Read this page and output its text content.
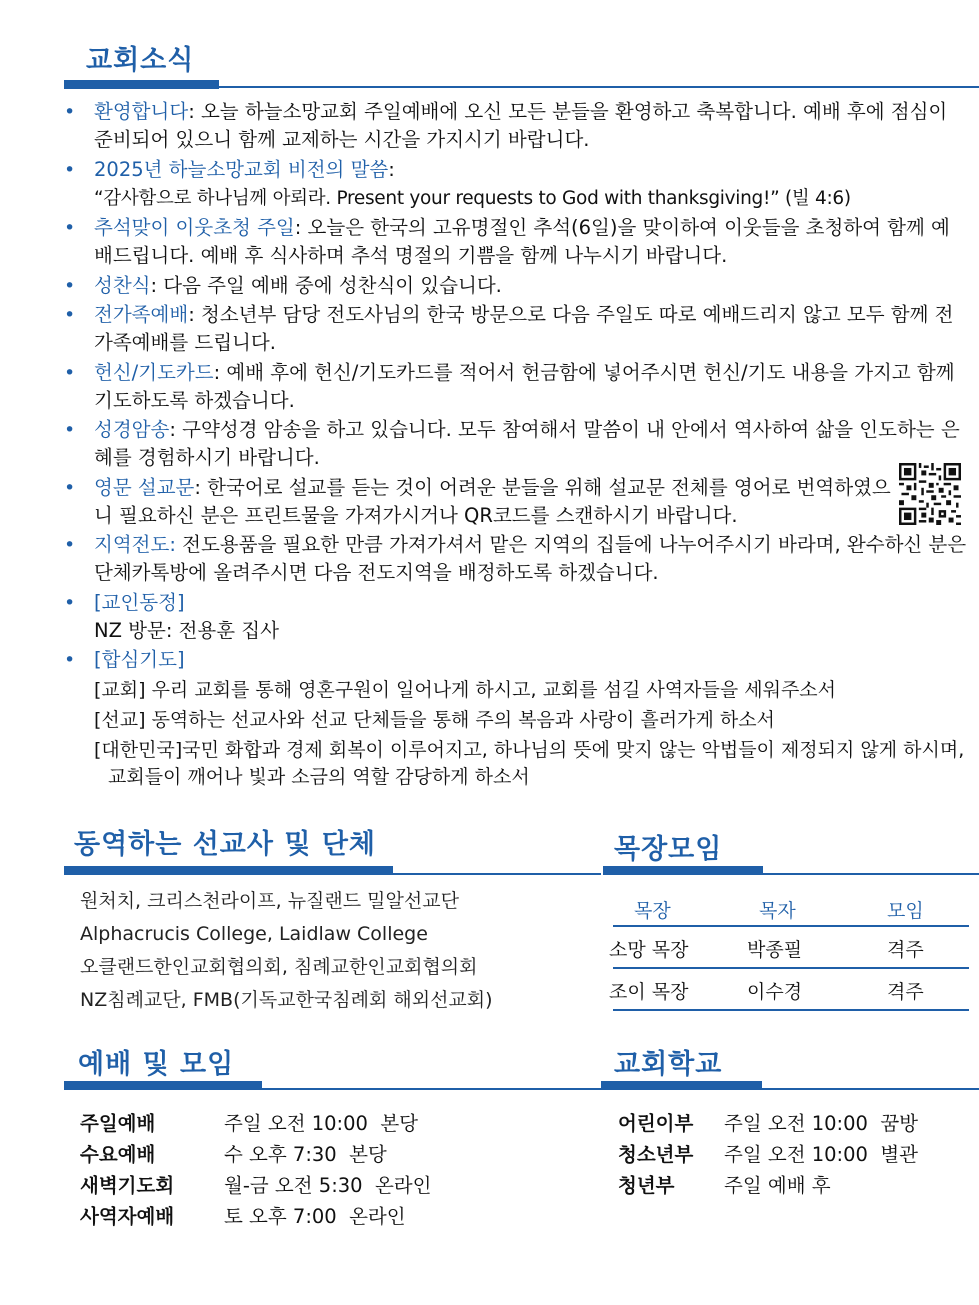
교회소식
• 환영합니다: 오늘 하늘소망교회 주일예배에 오신 모든 분들을 환영하고 축복합니다. 예배 후에 점심이 준비되어 있으니 함께 교제하는 시간을 가지시기 바랍니다.
• 2025년 하늘소망교회 비전의 말씀:
“감사함으로 하나님께 아뢰라. Present your requests to God with thanksgiving!” (빌 4:6)
• 추석맞이 이웃초청 주일: 오늘은 한국의 고유명절인 추석(6일)을 맞이하여 이웃들을 초청하여 함께 예배드립니다. 예배 후 식사하며 추석 명절의 기쁨을 함께 나누시기 바랍니다.
• 성찬식: 다음 주일 예배 중에 성찬식이 있습니다.
• 전가족예배: 청소년부 담당 전도사님의 한국 방문으로 다음 주일도 따로 예배드리지 않고 모두 함께 전가족예배를 드립니다.
• 헌신/기도카드: 예배 후에 헌신/기도카드를 적어서 헌금함에 넣어주시면 헌신/기도 내용을 가지고 함께 기도하도록 하겠습니다.
• 성경암송: 구약성경 암송을 하고 있습니다. 모두 참여해서 말씀이 내 안에서 역사하여 삶을 인도하는 은혜를 경험하시기 바랍니다.
• 영문 설교문: 한국어로 설교를 듣는 것이 어려운 분들을 위해 설교문 전체를 영어로 번역하였으니 필요하신 분은 프린트물을 가져가시거나 QR코드를 스캔하시기 바랍니다.
• 지역전도: 전도용품을 필요한 만큼 가져가셔서 맡은 지역의 집들에 나누어주시기 바라며, 완수하신 분은 단체카톡방에 올려주시면 다음 전도지역을 배정하도록 하겠습니다.
• [교인동정]
NZ 방문: 전용훈 집사
• [합심기도]
[교회] 우리 교회를 통해 영혼구원이 일어나게 하시고, 교회를 섬길 사역자들을 세워주소서
[선교] 동역하는 선교사와 선교 단체들을 통해 주의 복음과 사랑이 흘러가게 하소서
[대한민국]국민 화합과 경제 회복이 이루어지고, 하나님의 뜻에 맞지 않는 악법들이 제정되지 않게 하시며, 교회들이 깨어나 빛과 소금의 역할 감당하게 하소서
동역하는 선교사 및 단체
원처치, 크리스천라이프, 뉴질랜드 밀알선교단
Alphacrucis College, Laidlaw College
오클랜드한인교회협의회, 침례교한인교회협의회
NZ침례교단, FMB(기독교한국침례회 해외선교회)
목장모임
목장	목자	모임
소망 목장	박종필	격주
조이 목장	이수경	격주
예배 및 모임
주일예배	주일 오전 10:00  본당
수요예배	수 오후 7:30  본당
새벽기도회	월-금 오전 5:30  온라인
사역자예배	토 오후 7:00  온라인
교회학교
어린이부 주일 오전 10:00  꿈방
청소년부 주일 오전 10:00  별관
청년부	주일 예배 후
